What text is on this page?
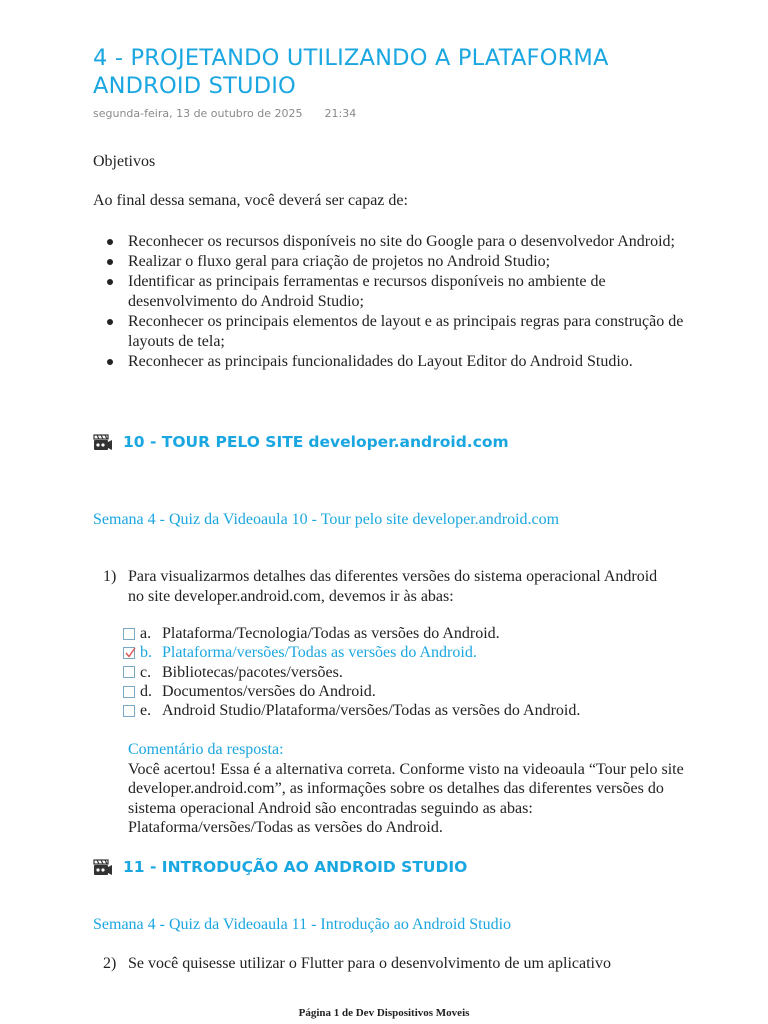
4 - PROJETANDO UTILIZANDO A PLATAFORMA ANDROID STUDIO
segunda-feira, 13 de outubro de 2025 21:34
Objetivos
Ao final dessa semana, você deverá ser capaz de:
Reconhecer os recursos disponíveis no site do Google para o desenvolvedor Android;
Realizar o fluxo geral para criação de projetos no Android Studio;
Identificar as principais ferramentas e recursos disponíveis no ambiente de desenvolvimento do Android Studio;
Reconhecer os principais elementos de layout e as principais regras para construção de layouts de tela;
Reconhecer as principais funcionalidades do Layout Editor do Android Studio.
10 - TOUR PELO SITE developer.android.com
Semana 4 - Quiz da Videoaula 10 - Tour pelo site developer.android.com
1) Para visualizarmos detalhes das diferentes versões do sistema operacional Android no site developer.android.com, devemos ir às abas:
a. Plataforma/Tecnologia/Todas as versões do Android.
b. Plataforma/versões/Todas as versões do Android.
c. Bibliotecas/pacotes/versões.
d. Documentos/versões do Android.
e. Android Studio/Plataforma/versões/Todas as versões do Android.
Comentário da resposta:
Você acertou! Essa é a alternativa correta. Conforme visto na videoaula “Tour pelo site developer.android.com”, as informações sobre os detalhes das diferentes versões do sistema operacional Android são encontradas seguindo as abas: Plataforma/versões/Todas as versões do Android.
11 - INTRODUÇÃO AO ANDROID STUDIO
Semana 4 - Quiz da Videoaula 11 - Introdução ao Android Studio
2) Se você quisesse utilizar o Flutter para o desenvolvimento de um aplicativo
Página 1 de Dev Dispositivos Moveis
